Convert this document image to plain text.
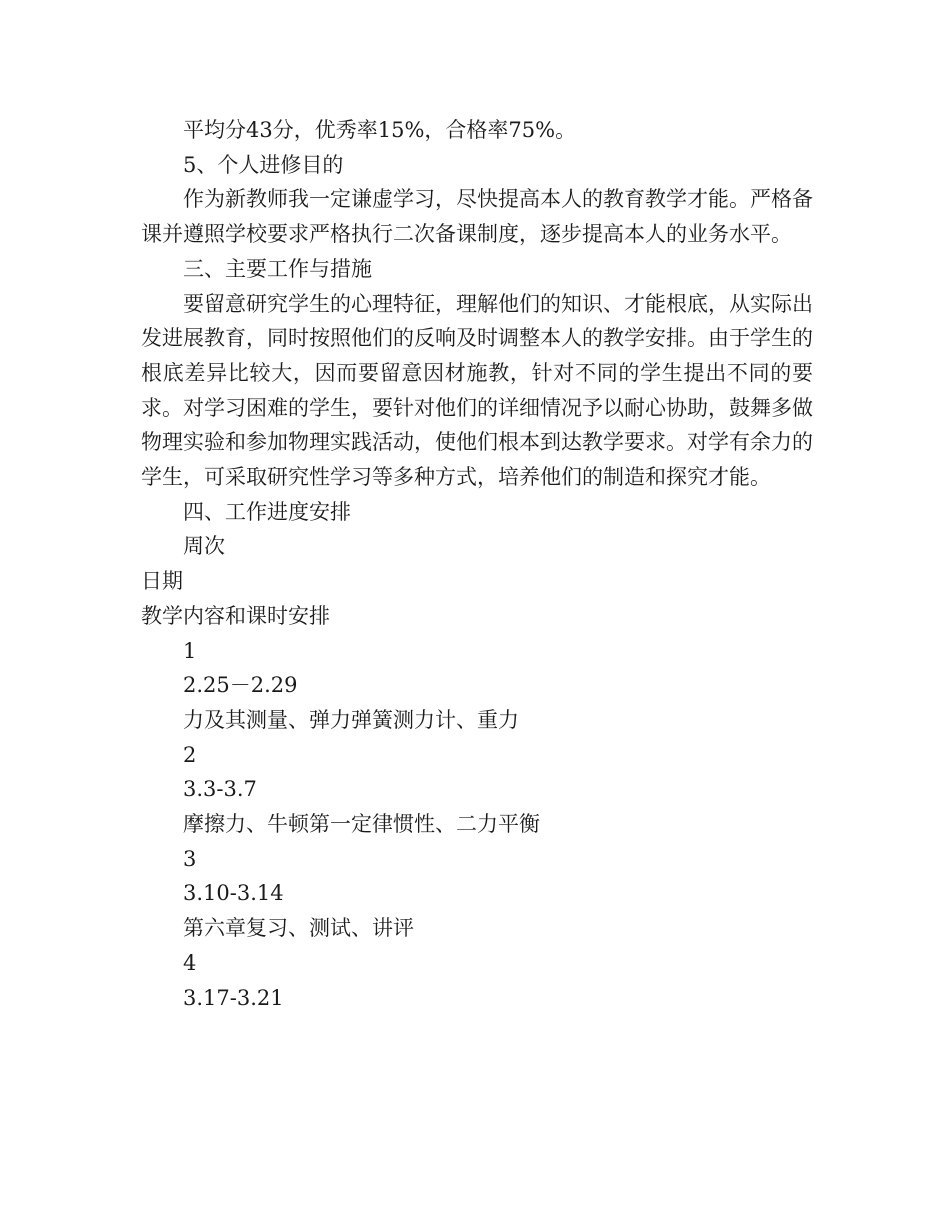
平均分43分，优秀率15%，合格率75%。

5、个人进修目的

作为新教师我一定谦虚学习，尽快提高本人的教育教学才能。严格备课并遵照学校要求严格执行二次备课制度，逐步提高本人的业务水平。

三、主要工作与措施

要留意研究学生的心理特征，理解他们的知识、才能根底，从实际出发进展教育，同时按照他们的反响及时调整本人的教学安排。由于学生的根底差异比较大，因而要留意因材施教，针对不同的学生提出不同的要求。对学习困难的学生，要针对他们的详细情况予以耐心协助，鼓舞多做物理实验和参加物理实践活动，使他们根本到达教学要求。对学有余力的学生，可采取研究性学习等多种方式，培养他们的制造和探究才能。

四、工作进度安排

周次

日期

教学内容和课时安排

1

2.25－2.29

力及其测量、弹力弹簧测力计、重力

2

3.3-3.7

摩擦力、牛顿第一定律惯性、二力平衡

3

3.10-3.14

第六章复习、测试、讲评

4

3.17-3.21
